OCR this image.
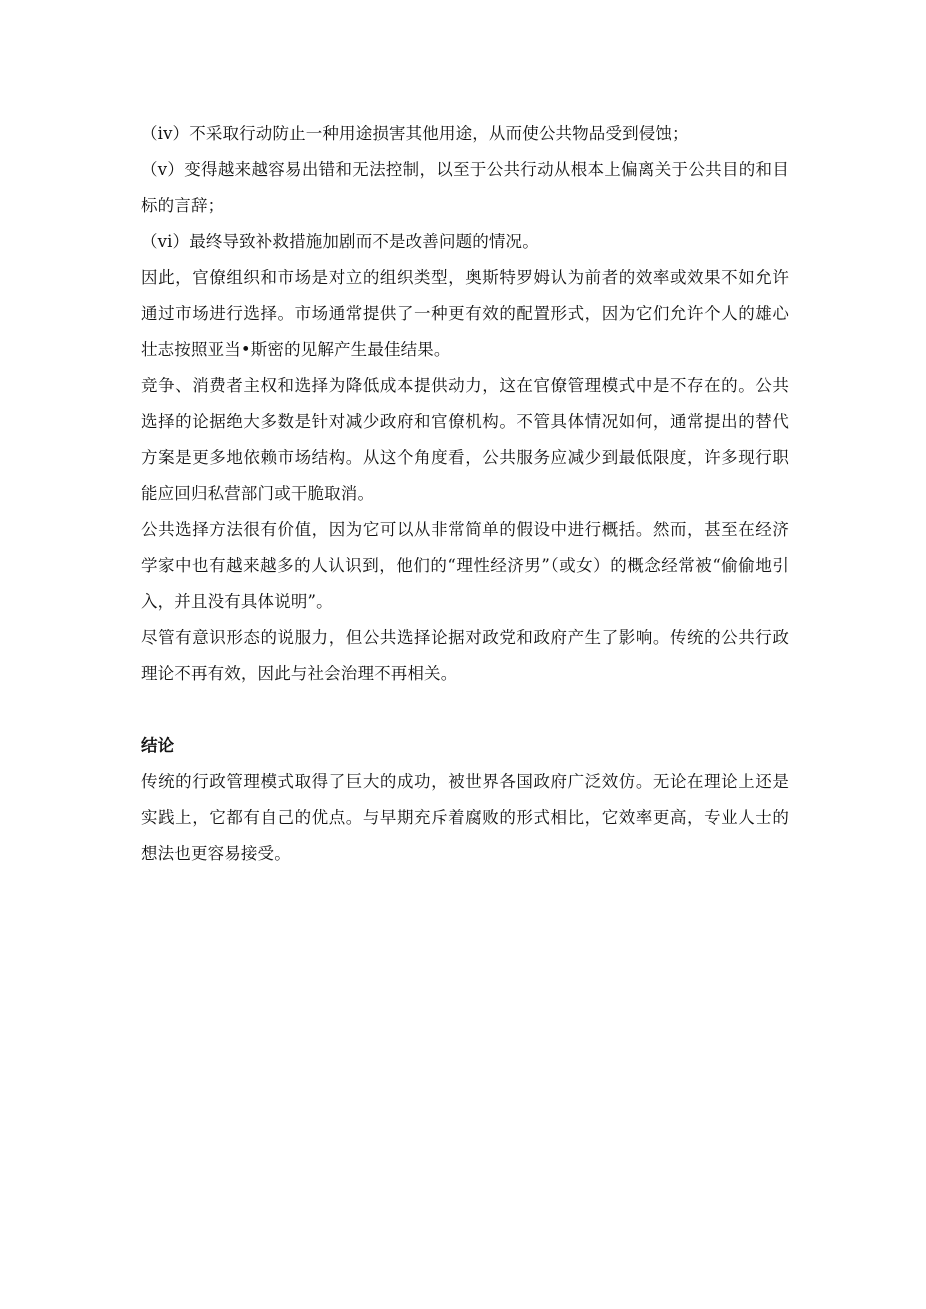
（iv）不采取行动防止一种用途损害其他用途，从而使公共物品受到侵蚀；

（v）变得越来越容易出错和无法控制，以至于公共行动从根本上偏离关于公共目的和目标的言辞；

（vi）最终导致补救措施加剧而不是改善问题的情况。

因此，官僚组织和市场是对立的组织类型，奥斯特罗姆认为前者的效率或效果不如允许通过市场进行选择。市场通常提供了一种更有效的配置形式，因为它们允许个人的雄心壮志按照亚当•斯密的见解产生最佳结果。

竞争、消费者主权和选择为降低成本提供动力，这在官僚管理模式中是不存在的。公共选择的论据绝大多数是针对减少政府和官僚机构。不管具体情况如何，通常提出的替代方案是更多地依赖市场结构。从这个角度看，公共服务应减少到最低限度，许多现行职能应回归私营部门或干脆取消。

公共选择方法很有价值，因为它可以从非常简单的假设中进行概括。然而，甚至在经济学家中也有越来越多的人认识到，他们的“理性经济男”（或女）的概念经常被“偷偷地引入，并且没有具体说明”。

尽管有意识形态的说服力，但公共选择论据对政党和政府产生了影响。传统的公共行政理论不再有效，因此与社会治理不再相关。

结论

传统的行政管理模式取得了巨大的成功，被世界各国政府广泛效仿。无论在理论上还是实践上，它都有自己的优点。与早期充斥着腐败的形式相比，它效率更高，专业人士的想法也更容易接受。
